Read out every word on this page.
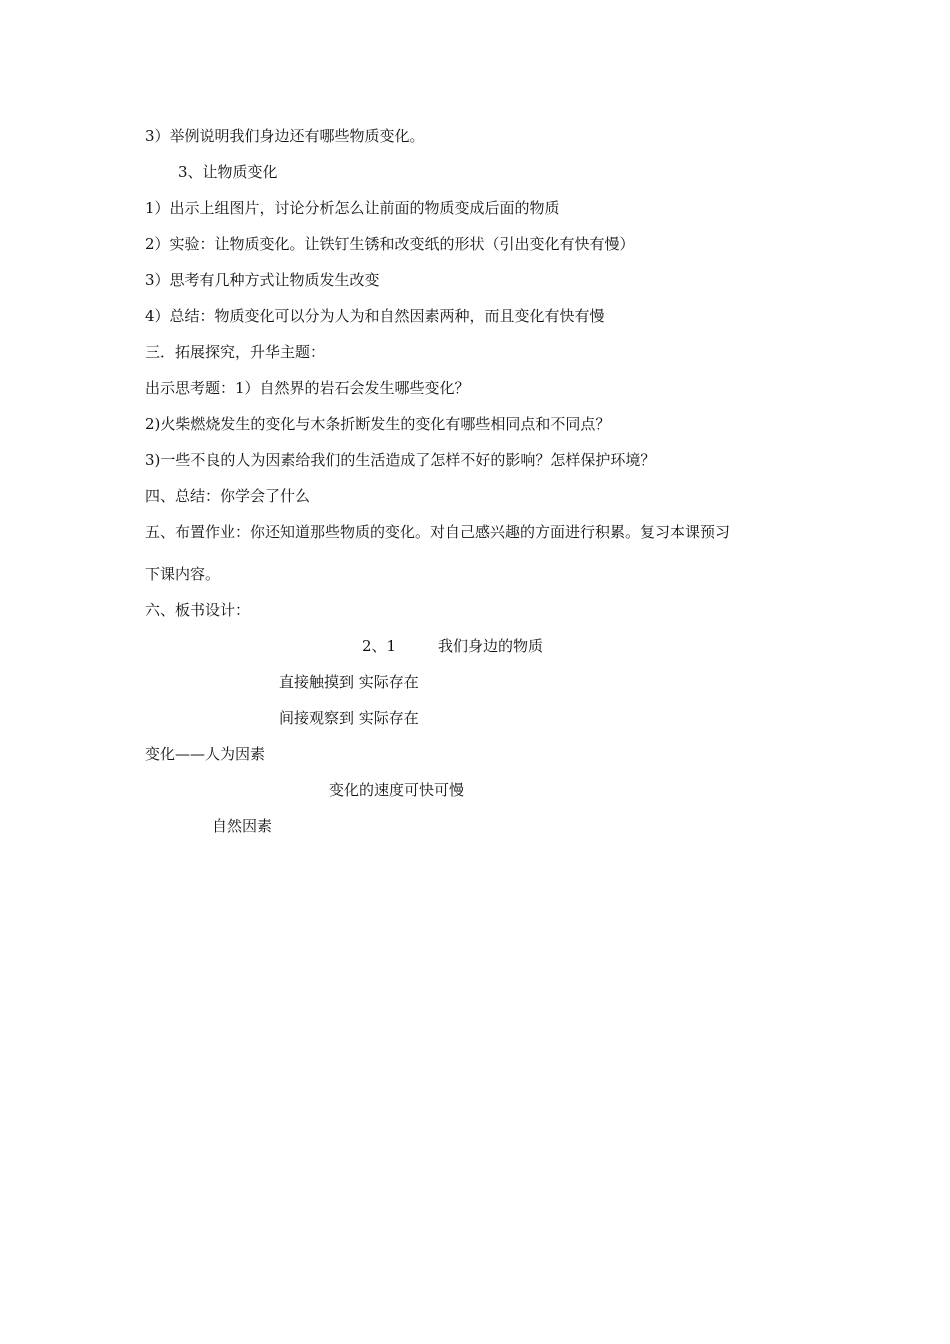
3）举例说明我们身边还有哪些物质变化。
3、让物质变化
1）出示上组图片，讨论分析怎么让前面的物质变成后面的物质
2）实验：让物质变化。让铁钉生锈和改变纸的形状（引出变化有快有慢）
3）思考有几种方式让物质发生改变
4）总结：物质变化可以分为人为和自然因素两种，而且变化有快有慢
三．拓展探究，升华主题：
出示思考题：1）自然界的岩石会发生哪些变化？
2)火柴燃烧发生的变化与木条折断发生的变化有哪些相同点和不同点？
3)一些不良的人为因素给我们的生活造成了怎样不好的影响？怎样保护环境？
四、总结：你学会了什么
五、布置作业：你还知道那些物质的变化。对自己感兴趣的方面进行积累。复习本课预习
下课内容。
六、板书设计：
2、1	我们身边的物质
直接触摸到 实际存在
间接观察到 实际存在
变化——人为因素
变化的速度可快可慢
自然因素
